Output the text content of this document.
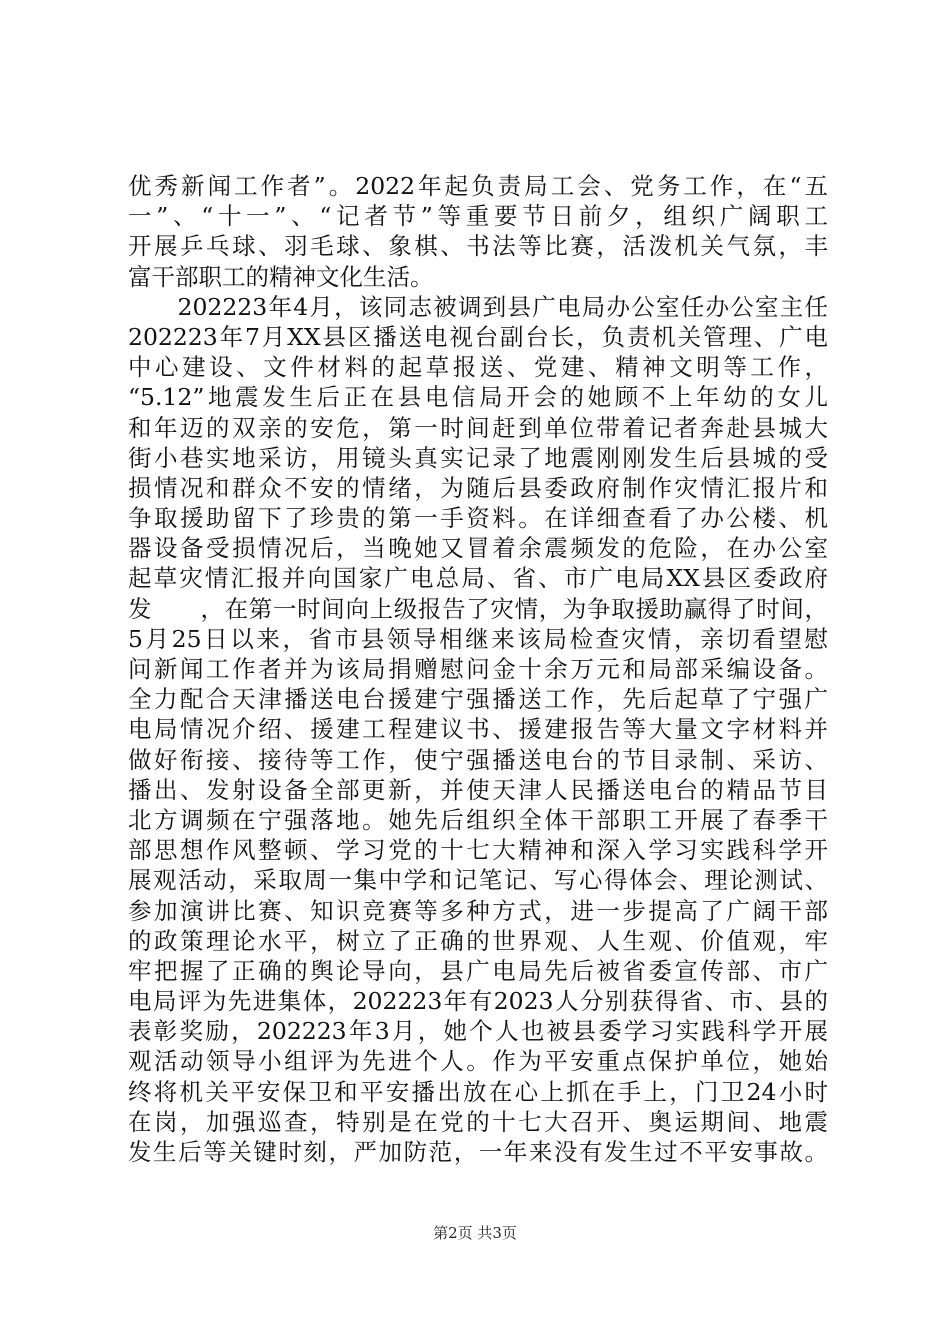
优秀新闻工作者”。2022年起负责局工会、党务工作，在“五
一”、“十一”、“记者节”等重要节日前夕，组织广阔职工
开展乒乓球、羽毛球、象棋、书法等比赛，活泼机关气氛，丰
富干部职工的精神文化生活。
　　202223年4月，该同志被调到县广电局办公室任办公室主任
202223年7月XX县区播送电视台副台长，负责机关管理、广电
中心建设、文件材料的起草报送、党建、精神文明等工作，
“5.12”地震发生后正在县电信局开会的她顾不上年幼的女儿
和年迈的双亲的安危，第一时间赶到单位带着记者奔赴县城大
街小巷实地采访，用镜头真实记录了地震刚刚发生后县城的受
损情况和群众不安的情绪，为随后县委政府制作灾情汇报片和
争取援助留下了珍贵的第一手资料。在详细查看了办公楼、机
器设备受损情况后，当晚她又冒着余震频发的危险，在办公室
起草灾情汇报并向国家广电总局、省、市广电局XX县区委政府
发　　，在第一时间向上级报告了灾情，为争取援助赢得了时间，
5月25日以来，省市县领导相继来该局检查灾情，亲切看望慰
问新闻工作者并为该局捐赠慰问金十余万元和局部采编设备。
全力配合天津播送电台援建宁强播送工作，先后起草了宁强广
电局情况介绍、援建工程建议书、援建报告等大量文字材料并
做好衔接、接待等工作，使宁强播送电台的节目录制、采访、
播出、发射设备全部更新，并使天津人民播送电台的精品节目
北方调频在宁强落地。她先后组织全体干部职工开展了春季干
部思想作风整顿、学习党的十七大精神和深入学习实践科学开
展观活动，采取周一集中学和记笔记、写心得体会、理论测试、
参加演讲比赛、知识竞赛等多种方式，进一步提高了广阔干部
的政策理论水平，树立了正确的世界观、人生观、价值观，牢
牢把握了正确的舆论导向，县广电局先后被省委宣传部、市广
电局评为先进集体，202223年有2023人分别获得省、市、县的
表彰奖励，202223年3月，她个人也被县委学习实践科学开展
观活动领导小组评为先进个人。作为平安重点保护单位，她始
终将机关平安保卫和平安播出放在心上抓在手上，门卫24小时
在岗，加强巡查，特别是在党的十七大召开、奥运期间、地震
发生后等关键时刻，严加防范，一年来没有发生过不平安事故。
第2页 共3页
